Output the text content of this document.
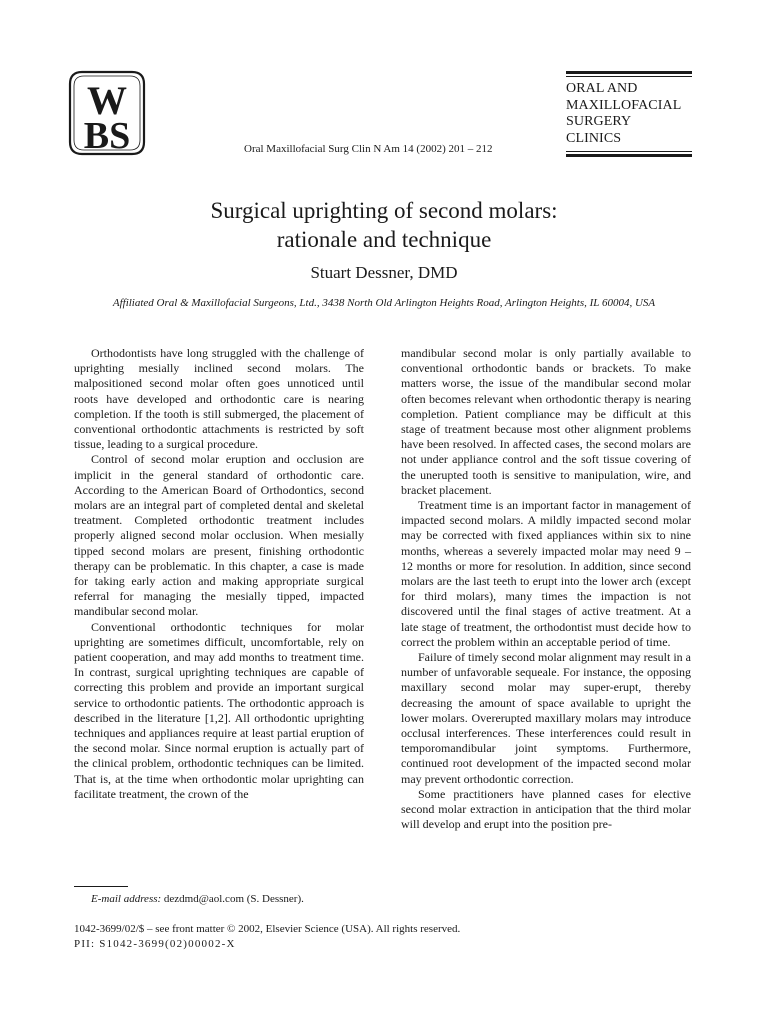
W
BS
ORAL AND
MAXILLOFACIAL
SURGERY
CLINICS
Oral Maxillofacial Surg Clin N Am 14 (2002) 201 – 212
Surgical uprighting of second molars:
rationale and technique
Stuart Dessner, DMD
Affiliated Oral & Maxillofacial Surgeons, Ltd., 3438 North Old Arlington Heights Road, Arlington Heights, IL 60004, USA

Orthodontists have long struggled with the challenge of uprighting mesially inclined second molars. The malpositioned second molar often goes unnoticed until roots have developed and orthodontic care is nearing completion. If the tooth is still submerged, the placement of conventional orthodontic attachments is restricted by soft tissue, leading to a surgical procedure.

Control of second molar eruption and occlusion are implicit in the general standard of orthodontic care. According to the American Board of Orthodontics, second molars are an integral part of completed dental and skeletal treatment. Completed orthodontic treatment includes properly aligned second molar occlusion. When mesially tipped second molars are present, finishing orthodontic therapy can be problematic. In this chapter, a case is made for taking early action and making appropriate surgical referral for managing the mesially tipped, impacted mandibular second molar.

Conventional orthodontic techniques for molar uprighting are sometimes difficult, uncomfortable, rely on patient cooperation, and may add months to treatment time. In contrast, surgical uprighting techniques are capable of correcting this problem and provide an important surgical service to orthodontic patients. The orthodontic approach is described in the literature [1,2]. All orthodontic uprighting techniques and appliances require at least partial eruption of the second molar. Since normal eruption is actually part of the clinical problem, orthodontic techniques can be limited. That is, at the time when orthodontic molar uprighting can facilitate treatment, the crown of the

mandibular second molar is only partially available to conventional orthodontic bands or brackets. To make matters worse, the issue of the mandibular second molar often becomes relevant when orthodontic therapy is nearing completion. Patient compliance may be difficult at this stage of treatment because most other alignment problems have been resolved. In affected cases, the second molars are not under appliance control and the soft tissue covering of the unerupted tooth is sensitive to manipulation, wire, and bracket placement.

Treatment time is an important factor in management of impacted second molars. A mildly impacted second molar may be corrected with fixed appliances within six to nine months, whereas a severely impacted molar may need 9 – 12 months or more for resolution. In addition, since second molars are the last teeth to erupt into the lower arch (except for third molars), many times the impaction is not discovered until the final stages of active treatment. At a late stage of treatment, the orthodontist must decide how to correct the problem within an acceptable period of time.

Failure of timely second molar alignment may result in a number of unfavorable sequeale. For instance, the opposing maxillary second molar may super-erupt, thereby decreasing the amount of space available to upright the lower molars. Overerupted maxillary molars may introduce occlusal interferences. These interferences could result in temporomandibular joint symptoms. Furthermore, continued root development of the impacted second molar may prevent orthodontic correction.

Some practitioners have planned cases for elective second molar extraction in anticipation that the third molar will develop and erupt into the position pre-

E-mail address: dezdmd@aol.com (S. Dessner).
1042-3699/02/$ – see front matter © 2002, Elsevier Science (USA). All rights reserved.
PII: S1042-3699(02)00002-X
